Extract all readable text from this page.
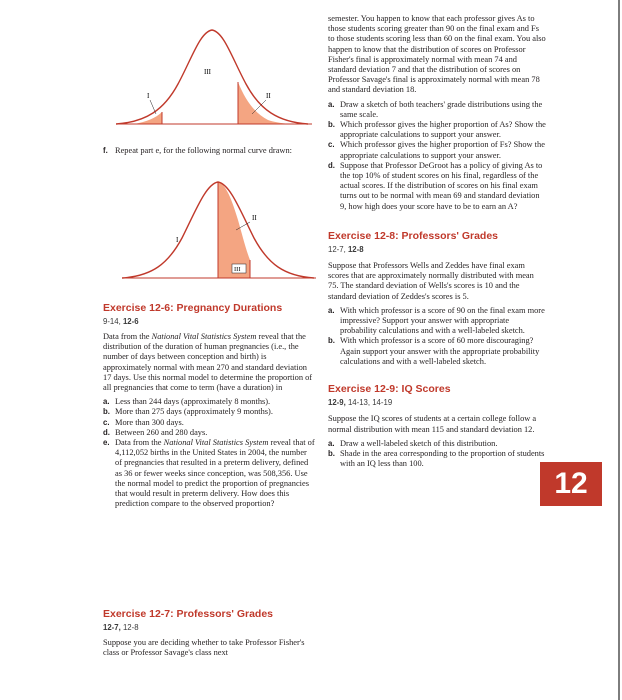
III
I	II
f. Repeat part e, for the following normal curve drawn:

I
II
III
Exercise 12-6: Pregnancy Durations
9-14, 12-6

Data from the National Vital Statistics System reveal that the distribution of the duration of human pregnancies (i.e., the number of days between conception and birth) is approximately normal with mean 270 and standard deviation 17 days. Use this normal model to determine the proportion of all pregnancies that come to term (have a duration) in

a. Less than 244 days (approximately 8 months).
b. More than 275 days (approximately 9 months).
c. More than 300 days.
d. Between 260 and 280 days.
e. Data from the National Vital Statistics System reveal that of 4,112,052 births in the United States in 2004, the number of pregnancies that resulted in a preterm delivery, defined as 36 or fewer weeks since conception, was 508,356. Use the normal model to predict the proportion of pregnancies that would result in preterm delivery. How does this prediction compare to the observed proportion?
Exercise 12-7: Professors' Grades
12-7, 12-8

Suppose you are deciding whether to take Professor Fisher's class or Professor Savage's class next

semester. You happen to know that each professor gives As to those students scoring greater than 90 on the final exam and Fs to those students scoring less than 60 on the final exam. You also happen to know that the distribution of scores on Professor Fisher's final is approximately normal with mean 74 and standard deviation 7 and that the distribution of scores on Professor Savage's final is approximately normal with mean 78 and standard deviation 18.

a. Draw a sketch of both teachers' grade distributions using the same scale.
b. Which professor gives the higher proportion of As? Show the appropriate calculations to support your answer.
c. Which professor gives the higher proportion of Fs? Show the appropriate calculations to support your answer.
d. Suppose that Professor DeGroot has a policy of giving As to the top 10% of student scores on his final, regardless of the actual scores. If the distribution of scores on his final exam turns out to be normal with mean 69 and standard deviation 9, how high does your score have to be to earn an A?
Exercise 12-8: Professors' Grades
12-7, 12-8

Suppose that Professors Wells and Zeddes have final exam scores that are approximately normally distributed with mean 75. The standard deviation of Wells's scores is 10 and the standard deviation of Zeddes's scores is 5.

a. With which professor is a score of 90 on the final exam more impressive? Support your answer with appropriate probability calculations and with a well-labeled sketch.
b. With which professor is a score of 60 more discouraging? Again support your answer with the appropriate probability calculations and with a well-labeled sketch.
Exercise 12-9: IQ Scores
12-9, 14-13, 14-19

Suppose the IQ scores of students at a certain college follow a normal distribution with mean 115 and standard deviation 12.

a. Draw a well-labeled sketch of this distribution.
b. Shade in the area corresponding to the proportion of students with an IQ less than 100.
12
